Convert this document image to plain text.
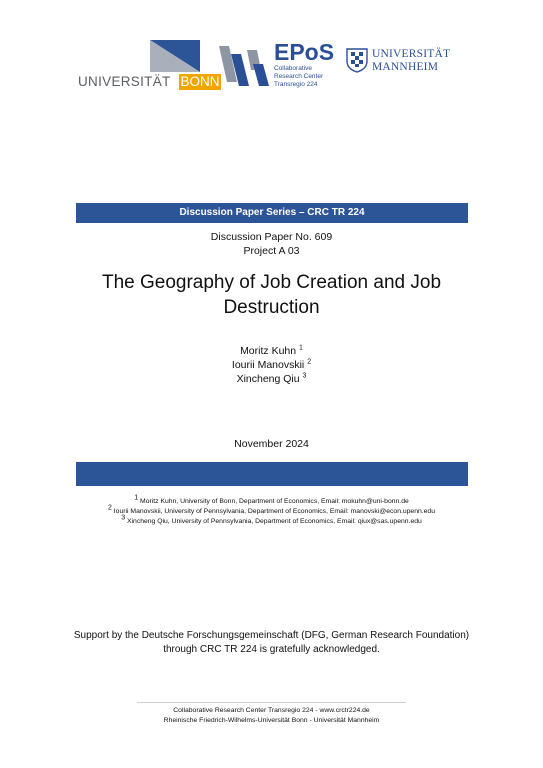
UNIVERSITÄT BONN
EPoS
Collaborative
Research Center
Transregio 224
UNIVERSITÄT
MANNHEIM
Discussion Paper Series – CRC TR 224
Discussion Paper No. 609
Project A 03
The Geography of Job Creation and Job Destruction
Moritz Kuhn $^1$
Iourii Manovskii $^2$
Xincheng Qiu $^3$
November 2024
$^1$ Moritz Kuhn, University of Bonn, Department of Economics, Email: mokuhn@uni-bonn.de
$^2$ Iourii Manovskii, University of Pennsylvania, Department of Economics, Email: manovski@econ.upenn.edu
$^3$ Xincheng Qiu, University of Pennsylvania, Department of Economics, Email: qiux@sas.upenn.edu
Support by the Deutsche Forschungsgemeinschaft (DFG, German Research Foundation)
through CRC TR 224 is gratefully acknowledged.
Collaborative Research Center Transregio 224 - www.crctr224.de
Rheinische Friedrich-Wilhelms-Universität Bonn - Universität Mannheim
